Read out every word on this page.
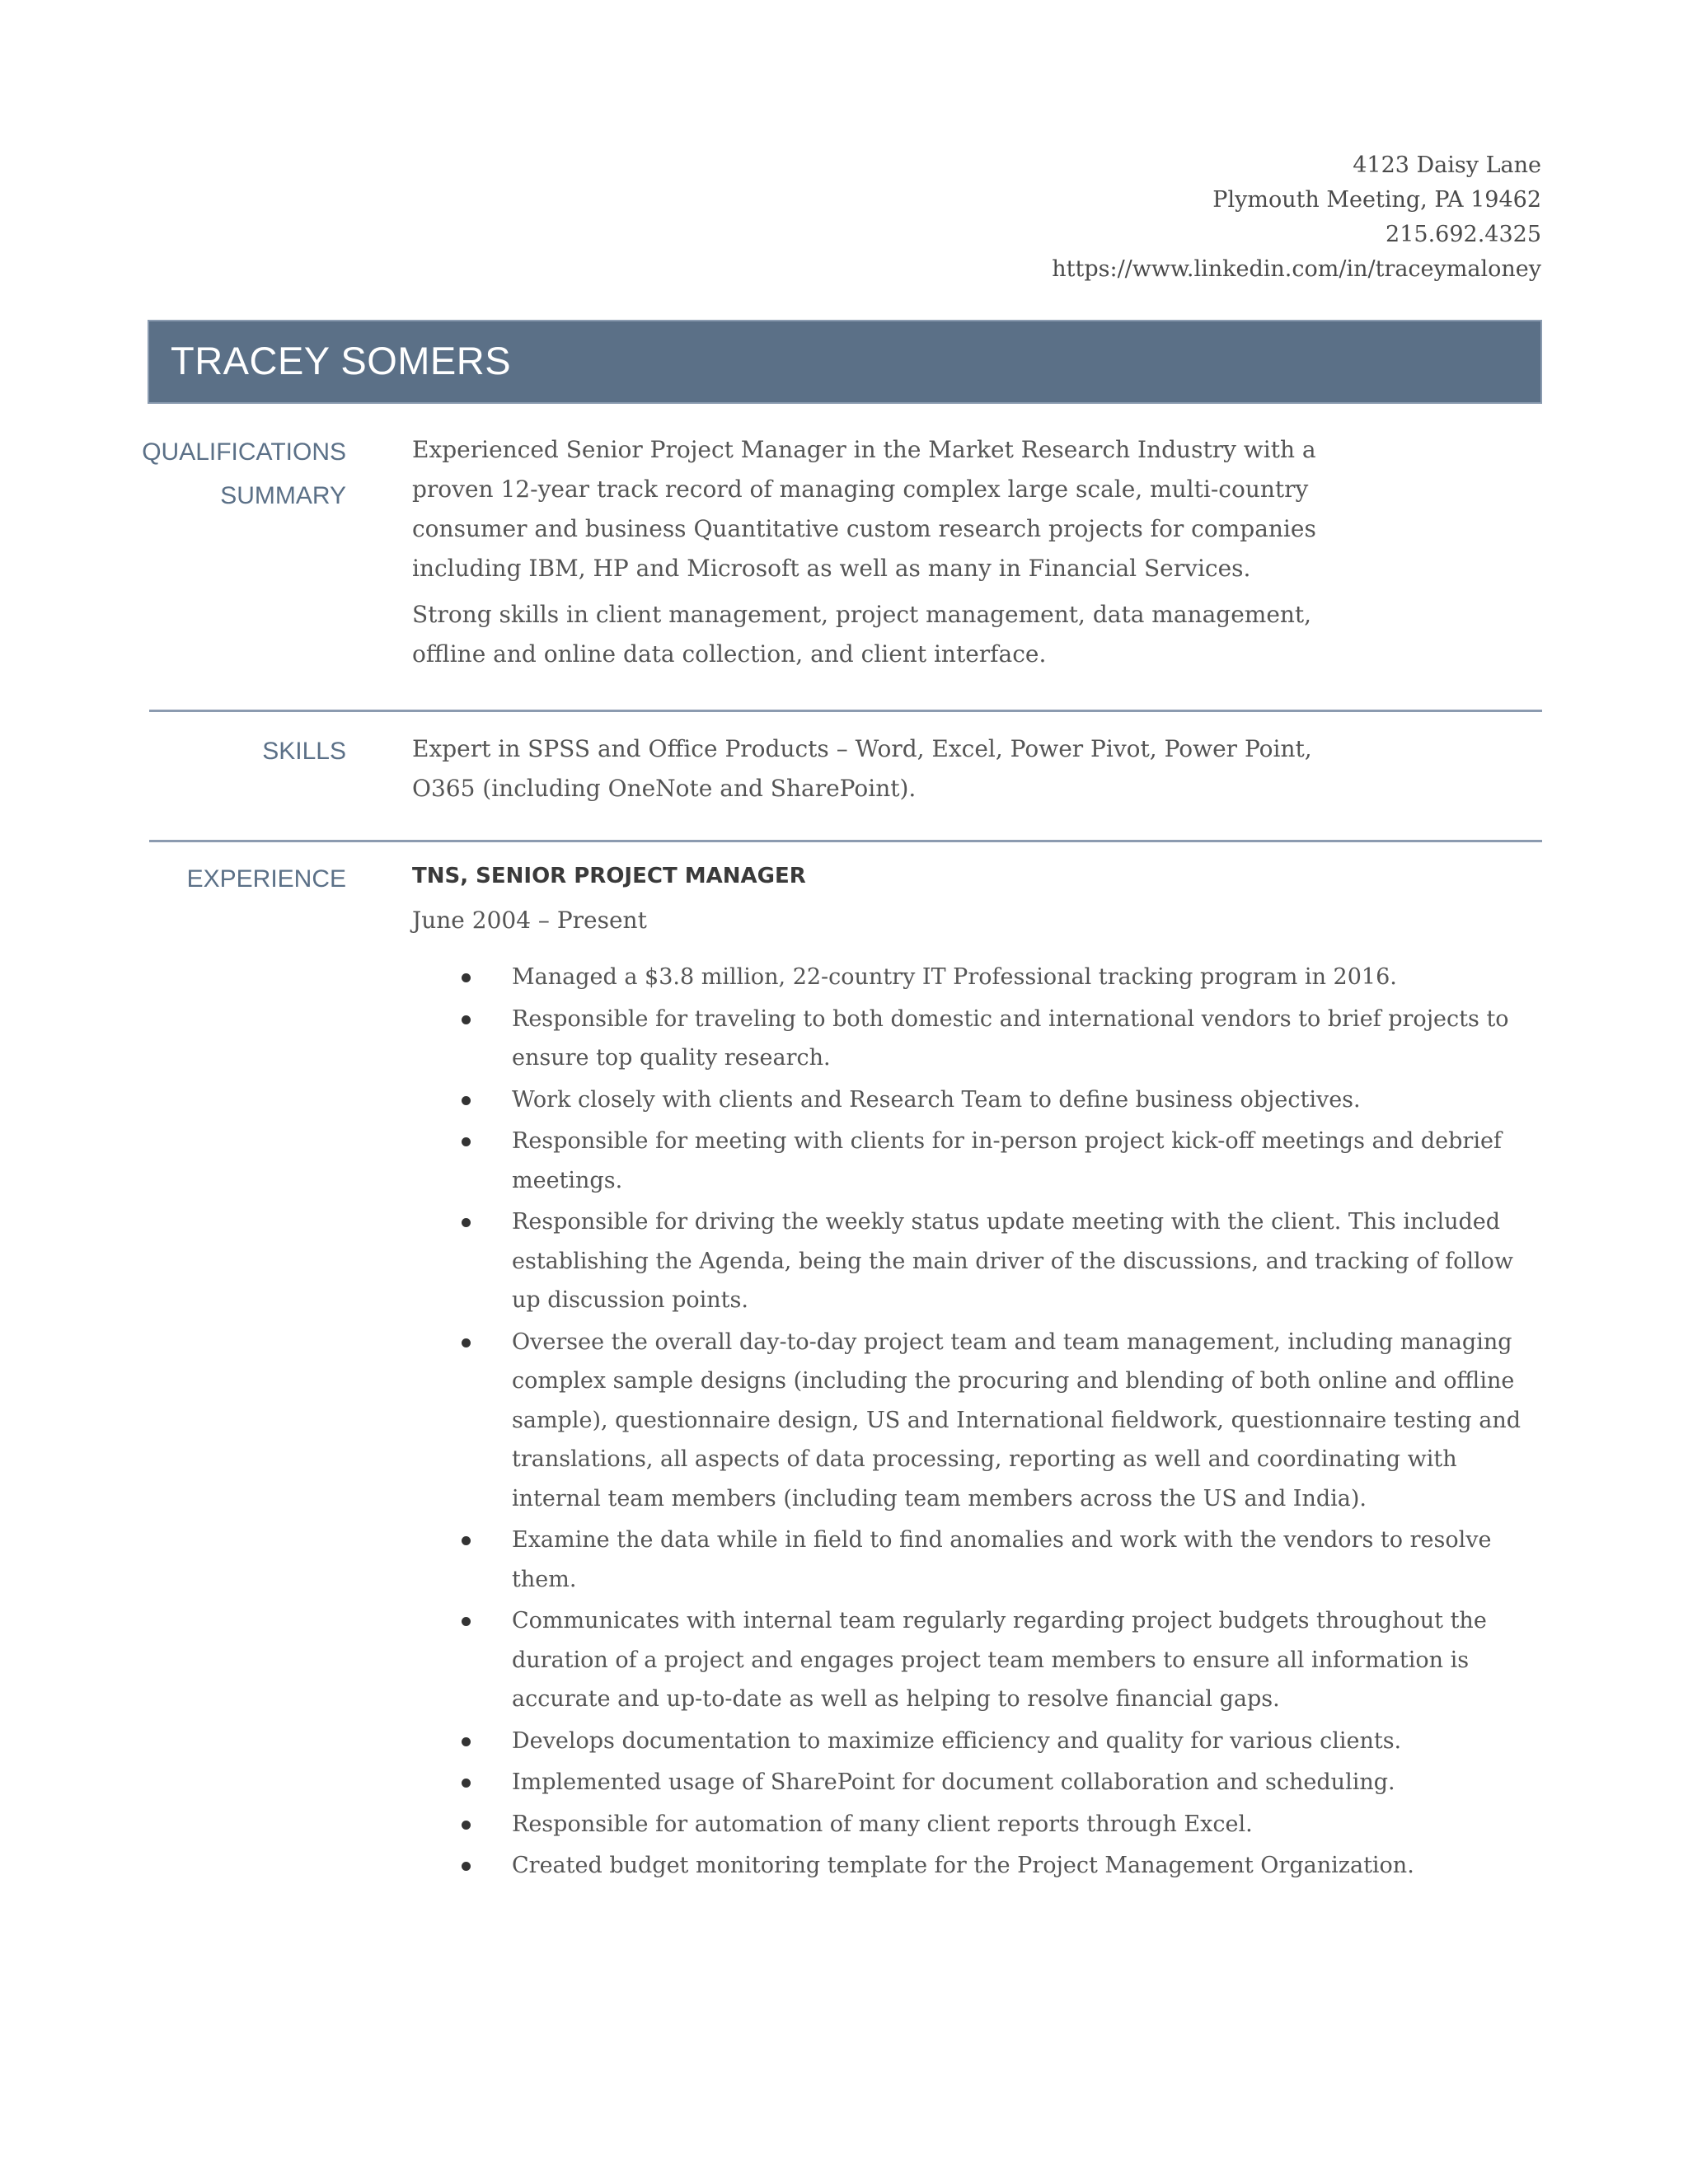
4123 Daisy Lane
Plymouth Meeting, PA 19462
215.692.4325
https://www.linkedin.com/in/traceymaloney
TRACEY SOMERS
QUALIFICATIONS
SUMMARY
Experienced Senior Project Manager in the Market Research Industry with a proven 12-year track record of managing complex large scale, multi-country consumer and business Quantitative custom research projects for companies including IBM, HP and Microsoft as well as many in Financial Services.
Strong skills in client management, project management, data management, offline and online data collection, and client interface.
SKILLS	Expert in SPSS and Office Products – Word, Excel, Power Pivot, Power Point, O365 (including OneNote and SharePoint).
EXPERIENCE	TNS, SENIOR PROJECT MANAGER
June 2004 – Present
Managed a $3.8 million, 22-country IT Professional tracking program in 2016.
Responsible for traveling to both domestic and international vendors to brief projects to ensure top quality research.
Work closely with clients and Research Team to define business objectives.
Responsible for meeting with clients for in-person project kick-off meetings and debrief meetings.
Responsible for driving the weekly status update meeting with the client. This included establishing the Agenda, being the main driver of the discussions, and tracking of follow up discussion points.
Oversee the overall day-to-day project team and team management, including managing complex sample designs (including the procuring and blending of both online and offline sample), questionnaire design, US and International fieldwork, questionnaire testing and translations, all aspects of data processing, reporting as well and coordinating with internal team members (including team members across the US and India).
Examine the data while in field to find anomalies and work with the vendors to resolve them.
Communicates with internal team regularly regarding project budgets throughout the duration of a project and engages project team members to ensure all information is accurate and up-to-date as well as helping to resolve financial gaps.
Develops documentation to maximize efficiency and quality for various clients.
Implemented usage of SharePoint for document collaboration and scheduling.
Responsible for automation of many client reports through Excel.
Created budget monitoring template for the Project Management Organization.
